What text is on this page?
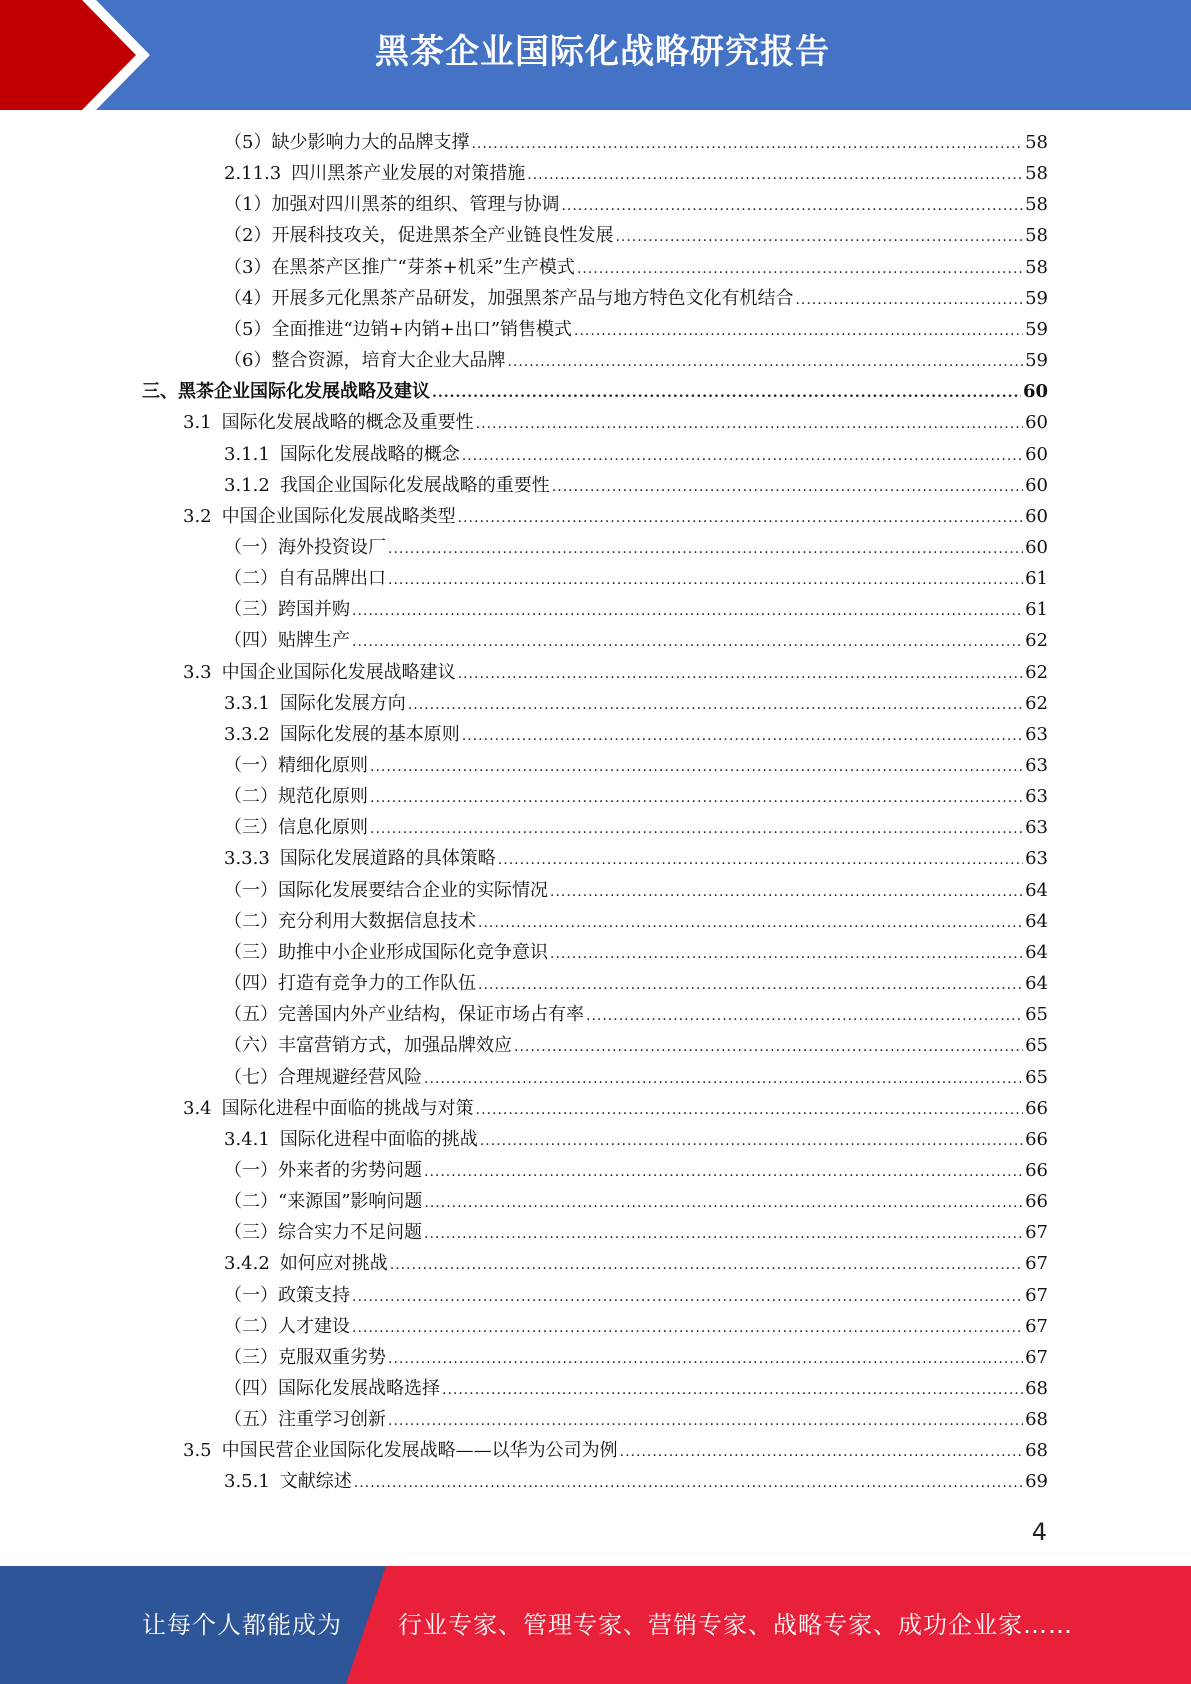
黑茶企业国际化战略研究报告
（5）缺少影响力大的品牌支撑 .....	58
2.11.3 四川黑茶产业发展的对策措施 .....	58
（1）加强对四川黑茶的组织、管理与协调 .....	58
（2）开展科技攻关，促进黑茶全产业链良性发展 .....	58
（3）在黑茶产区推广“芽茶+机采”生产模式 .....	58
（4）开展多元化黑茶产品研发，加强黑茶产品与地方特色文化有机结合 .....	59
（5）全面推进“边销+内销+出口”销售模式 .....	59
（6）整合资源，培育大企业大品牌 .....	59
三、黑茶企业国际化发展战略及建议 .....	60
3.1 国际化发展战略的概念及重要性 .....	60
3.1.1 国际化发展战略的概念 .....	60
3.1.2 我国企业国际化发展战略的重要性 .....	60
3.2 中国企业国际化发展战略类型 .....	60
（一）海外投资设厂 .....	60
（二）自有品牌出口 .....	61
（三）跨国并购 .....	61
（四）贴牌生产 .....	62
3.3 中国企业国际化发展战略建议 .....	62
3.3.1 国际化发展方向 .....	62
3.3.2 国际化发展的基本原则 .....	63
（一）精细化原则 .....	63
（二）规范化原则 .....	63
（三）信息化原则 .....	63
3.3.3 国际化发展道路的具体策略 .....	63
（一）国际化发展要结合企业的实际情况 .....	64
（二）充分利用大数据信息技术 .....	64
（三）助推中小企业形成国际化竞争意识 .....	64
（四）打造有竞争力的工作队伍 .....	64
（五）完善国内外产业结构，保证市场占有率 .....	65
（六）丰富营销方式，加强品牌效应 .....	65
（七）合理规避经营风险 .....	65
3.4 国际化进程中面临的挑战与对策 .....	66
3.4.1 国际化进程中面临的挑战 .....	66
（一）外来者的劣势问题 .....	66
（二）“来源国”影响问题 .....	66
（三）综合实力不足问题 .....	67
3.4.2 如何应对挑战 .....	67
（一）政策支持 .....	67
（二）人才建设 .....	67
（三）克服双重劣势 .....	67
（四）国际化发展战略选择 .....	68
（五）注重学习创新 .....	68
3.5 中国民营企业国际化发展战略——以华为公司为例 .....	68
3.5.1 文献综述 .....	69
4
让每个人都能成为 行业专家、管理专家、营销专家、战略专家、成功企业家……
